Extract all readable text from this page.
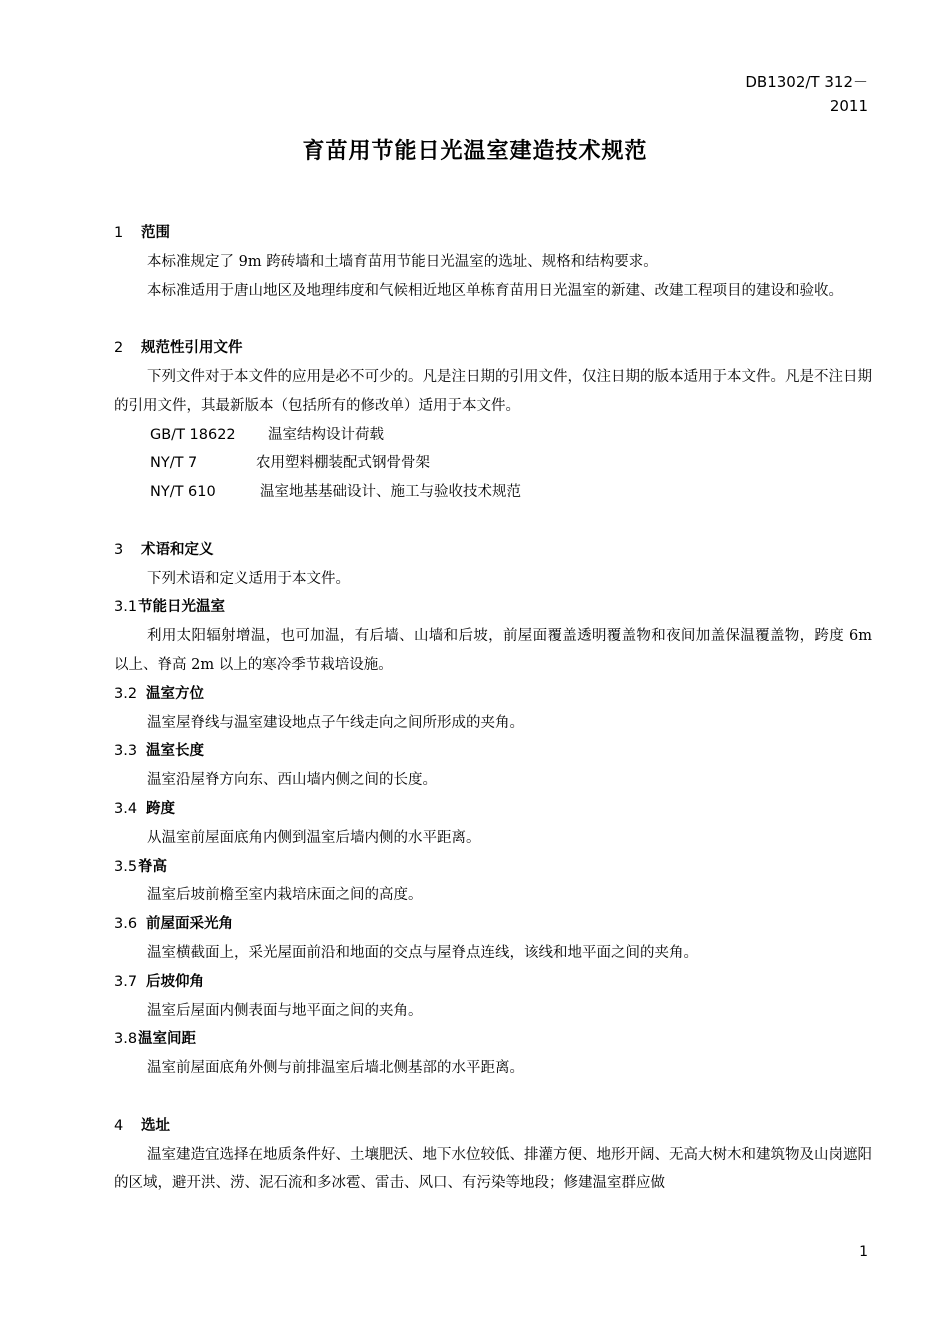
DB1302/T 312－
2011
育苗用节能日光温室建造技术规范
1 范围

本标准规定了 9m 跨砖墙和土墙育苗用节能日光温室的选址、规格和结构要求。

本标准适用于唐山地区及地理纬度和气候相近地区单栋育苗用日光温室的新建、改建工程项目的建设和验收。

2 规范性引用文件

下列文件对于本文件的应用是必不可少的。凡是注日期的引用文件，仅注日期的版本适用于本文件。凡是不注日期的引用文件，其最新版本（包括所有的修改单）适用于本文件。

GB/T 18622 温室结构设计荷载
NY/T 7	农用塑料棚装配式钢骨骨架
NY/T 610	温室地基基础设计、施工与验收技术规范
3 术语和定义

下列术语和定义适用于本文件。

3.1节能日光温室

利用太阳辐射增温，也可加温，有后墙、山墙和后坡，前屋面覆盖透明覆盖物和夜间加盖保温覆盖物，跨度 6m 以上、脊高 2m 以上的寒冷季节栽培设施。

3.2 温室方位

温室屋脊线与温室建设地点子午线走向之间所形成的夹角。

3.3 温室长度

温室沿屋脊方向东、西山墙内侧之间的长度。

3.4 跨度

从温室前屋面底角内侧到温室后墙内侧的水平距离。

3.5脊高

温室后坡前檐至室内栽培床面之间的高度。

3.6 前屋面采光角

温室横截面上，采光屋面前沿和地面的交点与屋脊点连线，该线和地平面之间的夹角。

3.7 后坡仰角

温室后屋面内侧表面与地平面之间的夹角。

3.8温室间距

温室前屋面底角外侧与前排温室后墙北侧基部的水平距离。

4 选址

温室建造宜选择在地质条件好、土壤肥沃、地下水位较低、排灌方便、地形开阔、无高大树木和建筑物及山岗遮阳的区域，避开洪、涝、泥石流和多冰雹、雷击、风口、有污染等地段；修建温室群应做

1
